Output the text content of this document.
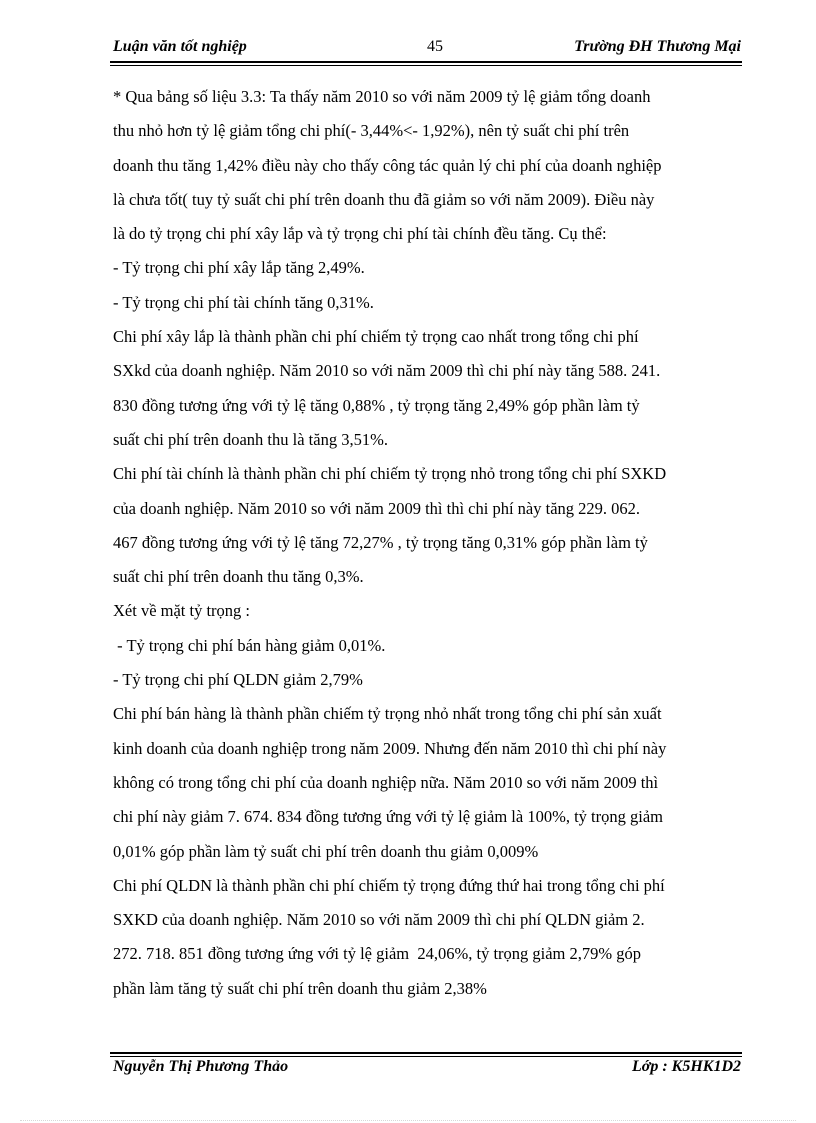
Luận văn tốt nghiệp	45	Trường ĐH Thương Mại
* Qua bảng số liệu 3.3: Ta thấy năm 2010 so với năm 2009 tỷ lệ giảm tổng doanh
thu nhỏ hơn tỷ lệ giảm tổng chi phí(- 3,44%<- 1,92%), nên tỷ suất chi phí trên
doanh thu tăng 1,42% điều này cho thấy công tác quản lý chi phí của doanh nghiệp
là chưa tốt( tuy tỷ suất chi phí trên doanh thu đã giảm so với năm 2009). Điều này
là do tỷ trọng chi phí xây lắp và tỷ trọng chi phí tài chính đều tăng. Cụ thể:
- Tỷ trọng chi phí xây lắp tăng 2,49%.
- Tỷ trọng chi phí tài chính tăng 0,31%.
Chi phí xây lắp là thành phần chi phí chiếm tỷ trọng cao nhất trong tổng chi phí
SXkd của doanh nghiệp. Năm 2010 so với năm 2009 thì chi phí này tăng 588. 241.
830 đồng tương ứng với tỷ lệ tăng 0,88% , tỷ trọng tăng 2,49% góp phần làm tỷ
suất chi phí trên doanh thu là tăng 3,51%.
Chi phí tài chính là thành phần chi phí chiếm tỷ trọng nhỏ trong tổng chi phí SXKD
của doanh nghiệp. Năm 2010 so với năm 2009 thì thì chi phí này tăng 229. 062.
467 đồng tương ứng với tỷ lệ tăng 72,27% , tỷ trọng tăng 0,31% góp phần làm tỷ
suất chi phí trên doanh thu tăng 0,3%.
Xét về mặt tỷ trọng :
- Tỷ trọng chi phí bán hàng giảm 0,01%.
- Tỷ trọng chi phí QLDN giảm 2,79%
Chi phí bán hàng là thành phần chiếm tỷ trọng nhỏ nhất trong tổng chi phí sản xuất
kinh doanh của doanh nghiệp trong năm 2009. Nhưng đến năm 2010 thì chi phí này
không có trong tổng chi phí của doanh nghiệp nữa. Năm 2010 so với năm 2009 thì
chi phí này giảm 7. 674. 834 đồng tương ứng với tỷ lệ giảm là 100%, tỷ trọng giảm
0,01% góp phần làm tỷ suất chi phí trên doanh thu giảm 0,009%
Chi phí QLDN là thành phần chi phí chiếm tỷ trọng đứng thứ hai trong tổng chi phí
SXKD của doanh nghiệp. Năm 2010 so với năm 2009 thì chi phí QLDN giảm 2.
272. 718. 851 đồng tương ứng với tỷ lệ giảm  24,06%, tỷ trọng giảm 2,79% góp
phần làm tăng tỷ suất chi phí trên doanh thu giảm 2,38%
Nguyễn Thị Phương Thảo	Lớp : K5HK1D2
